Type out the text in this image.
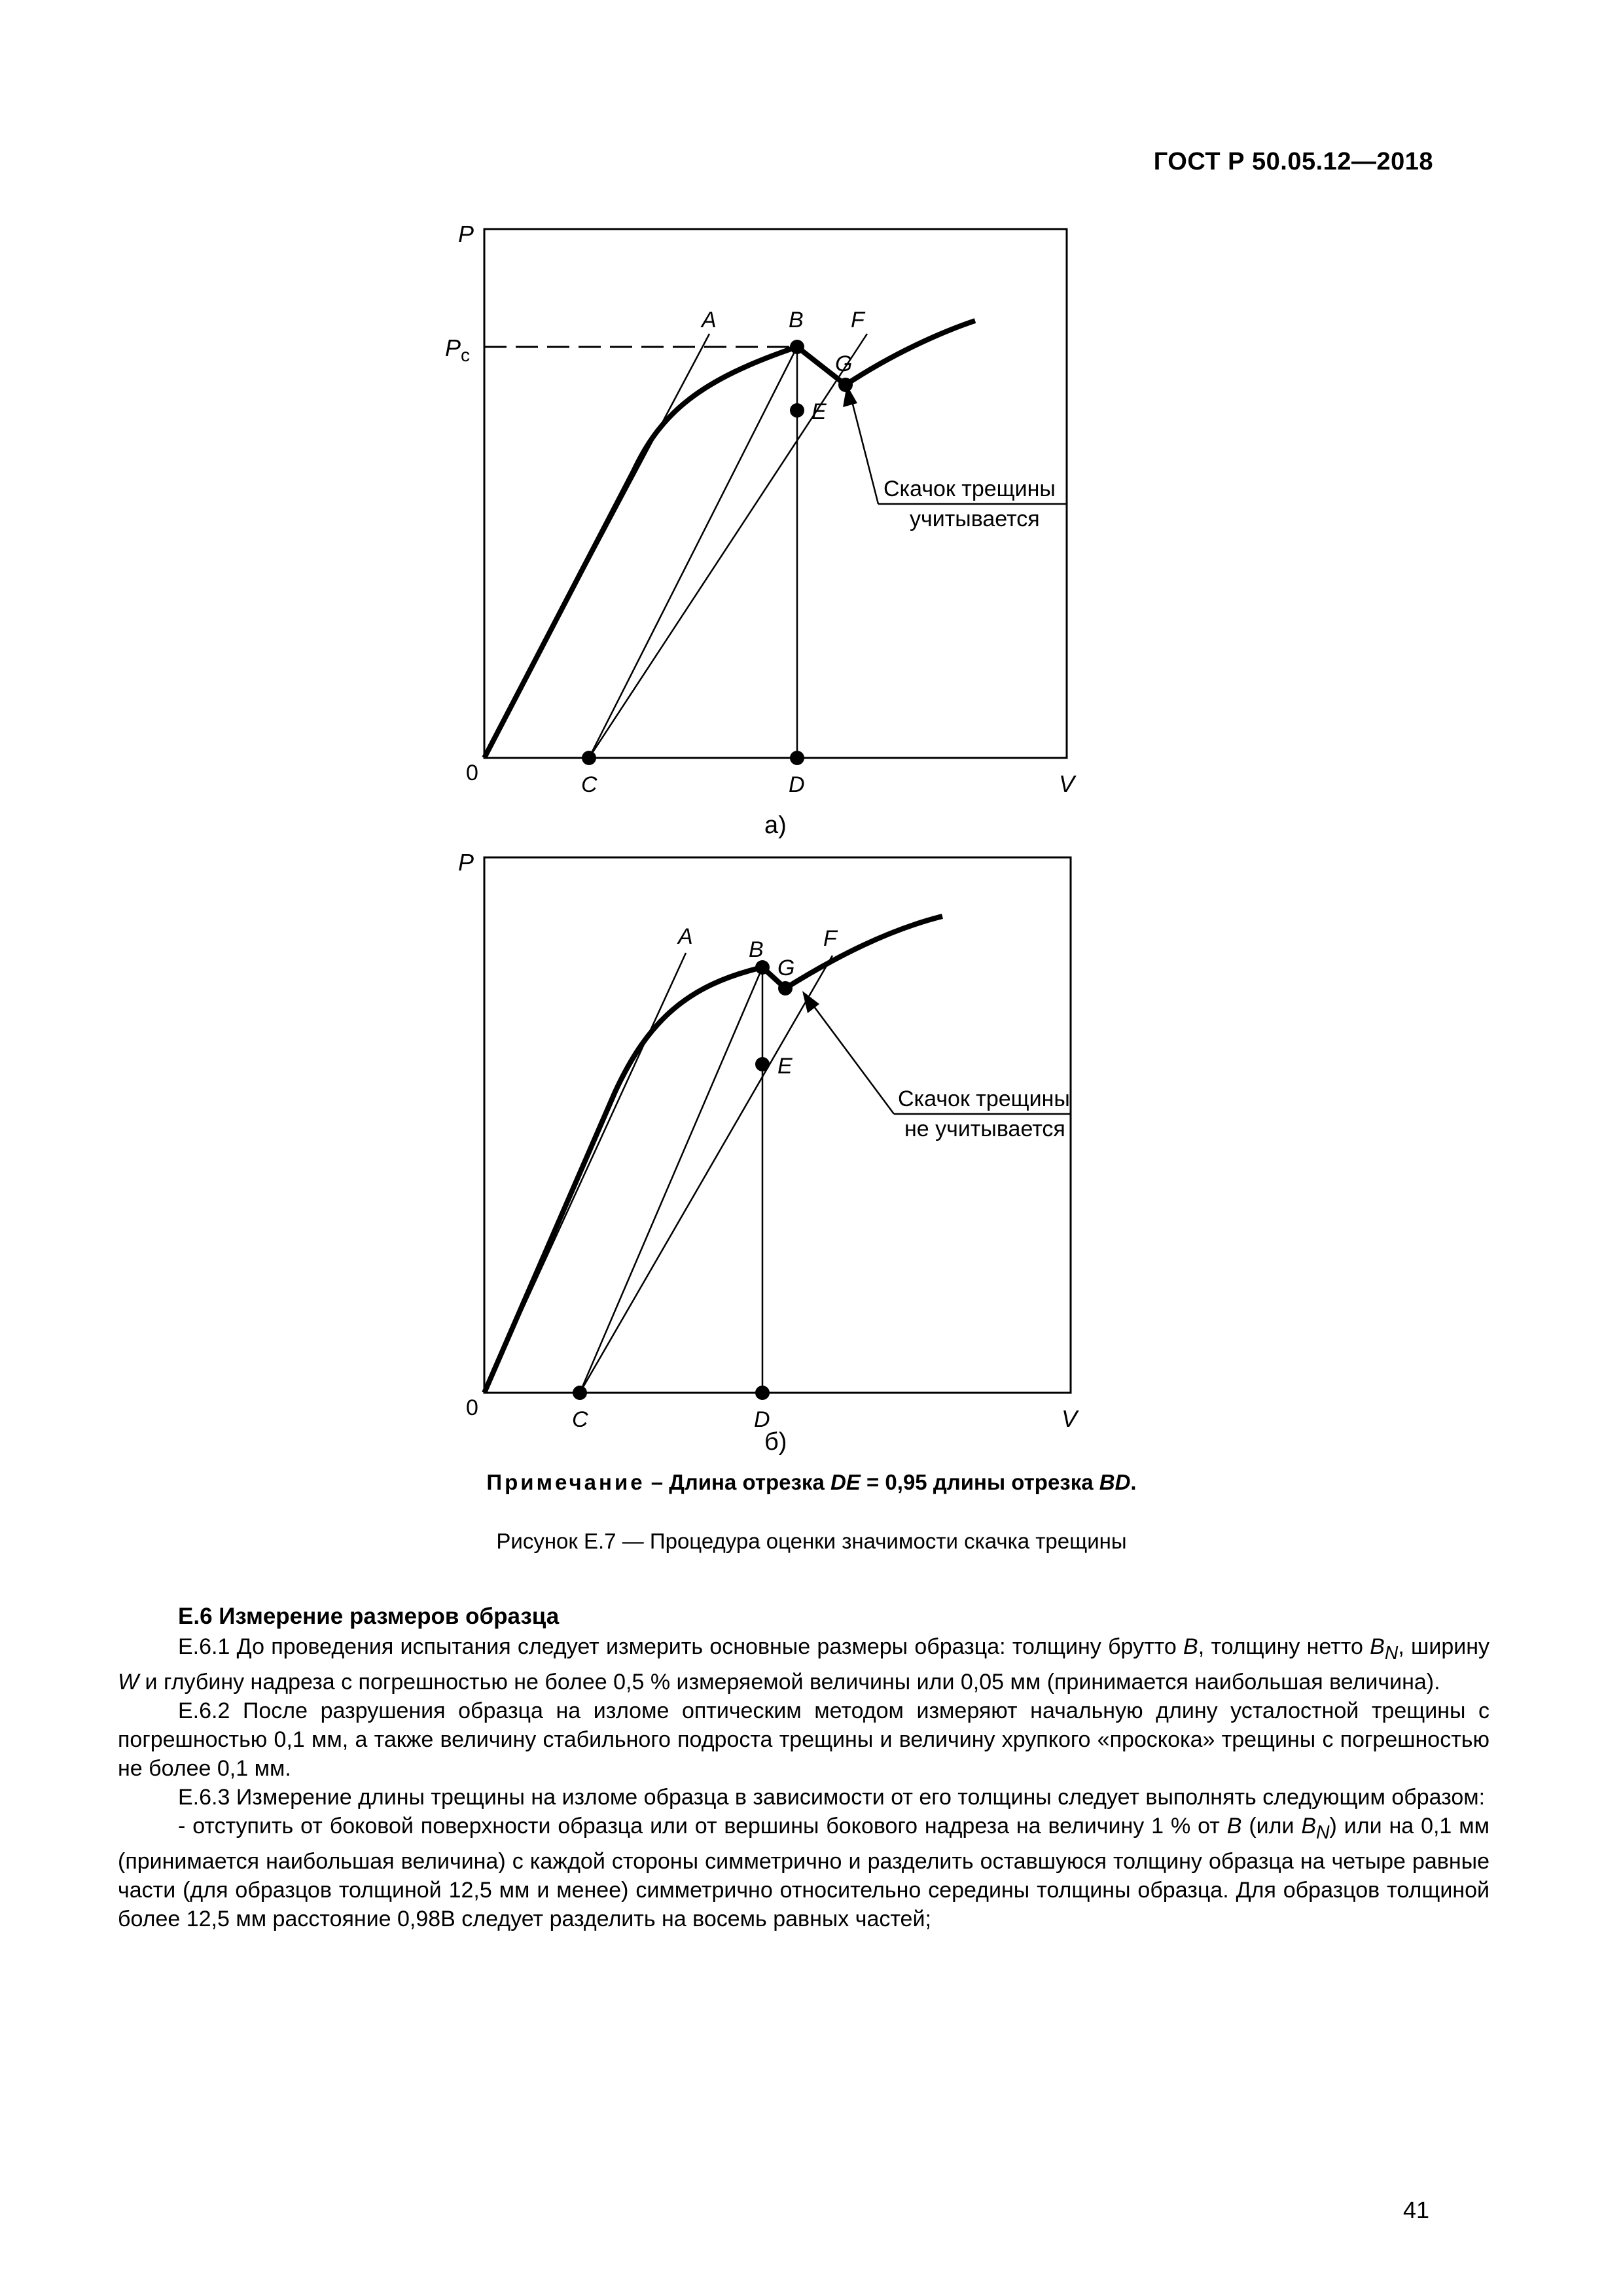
ГОСТ Р 50.05.12—2018
P
$P_c$
A	B F
G
E
Скачок трещины
учитывается
0	C	D	V
а)
P
A
B	F
G
E
Скачок трещины
не учитывается
0	C	D	V
б)
Примечание – Длина отрезка DE = 0,95 длины отрезка BD.
Рисунок Е.7 — Процедура оценки значимости скачка трещины
Е.6 Измерение размеров образца

Е.6.1 До проведения испытания следует измерить основные размеры образца: толщину брутто B, толщину нетто $B_N$, ширину W и глубину надреза с погрешностью не более 0,5 % измеряемой величины или 0,05 мм (принимается наибольшая величина).

Е.6.2 После разрушения образца на изломе оптическим методом измеряют начальную длину усталостной трещины с погрешностью 0,1 мм, а также величину стабильного подроста трещины и величину хрупкого «проскока» трещины с погрешностью не более 0,1 мм.

Е.6.3 Измерение длины трещины на изломе образца в зависимости от его толщины следует выполнять следующим образом:

- отступить от боковой поверхности образца или от вершины бокового надреза на величину 1 % от B (или $B_N$) или на 0,1 мм (принимается наибольшая величина) с каждой стороны симметрично и разделить оставшуюся толщину образца на четыре равные части (для образцов толщиной 12,5 мм и менее) симметрично относительно середины толщины образца. Для образцов толщиной более 12,5 мм расстояние 0,98В следует разделить на восемь равных частей;

41
